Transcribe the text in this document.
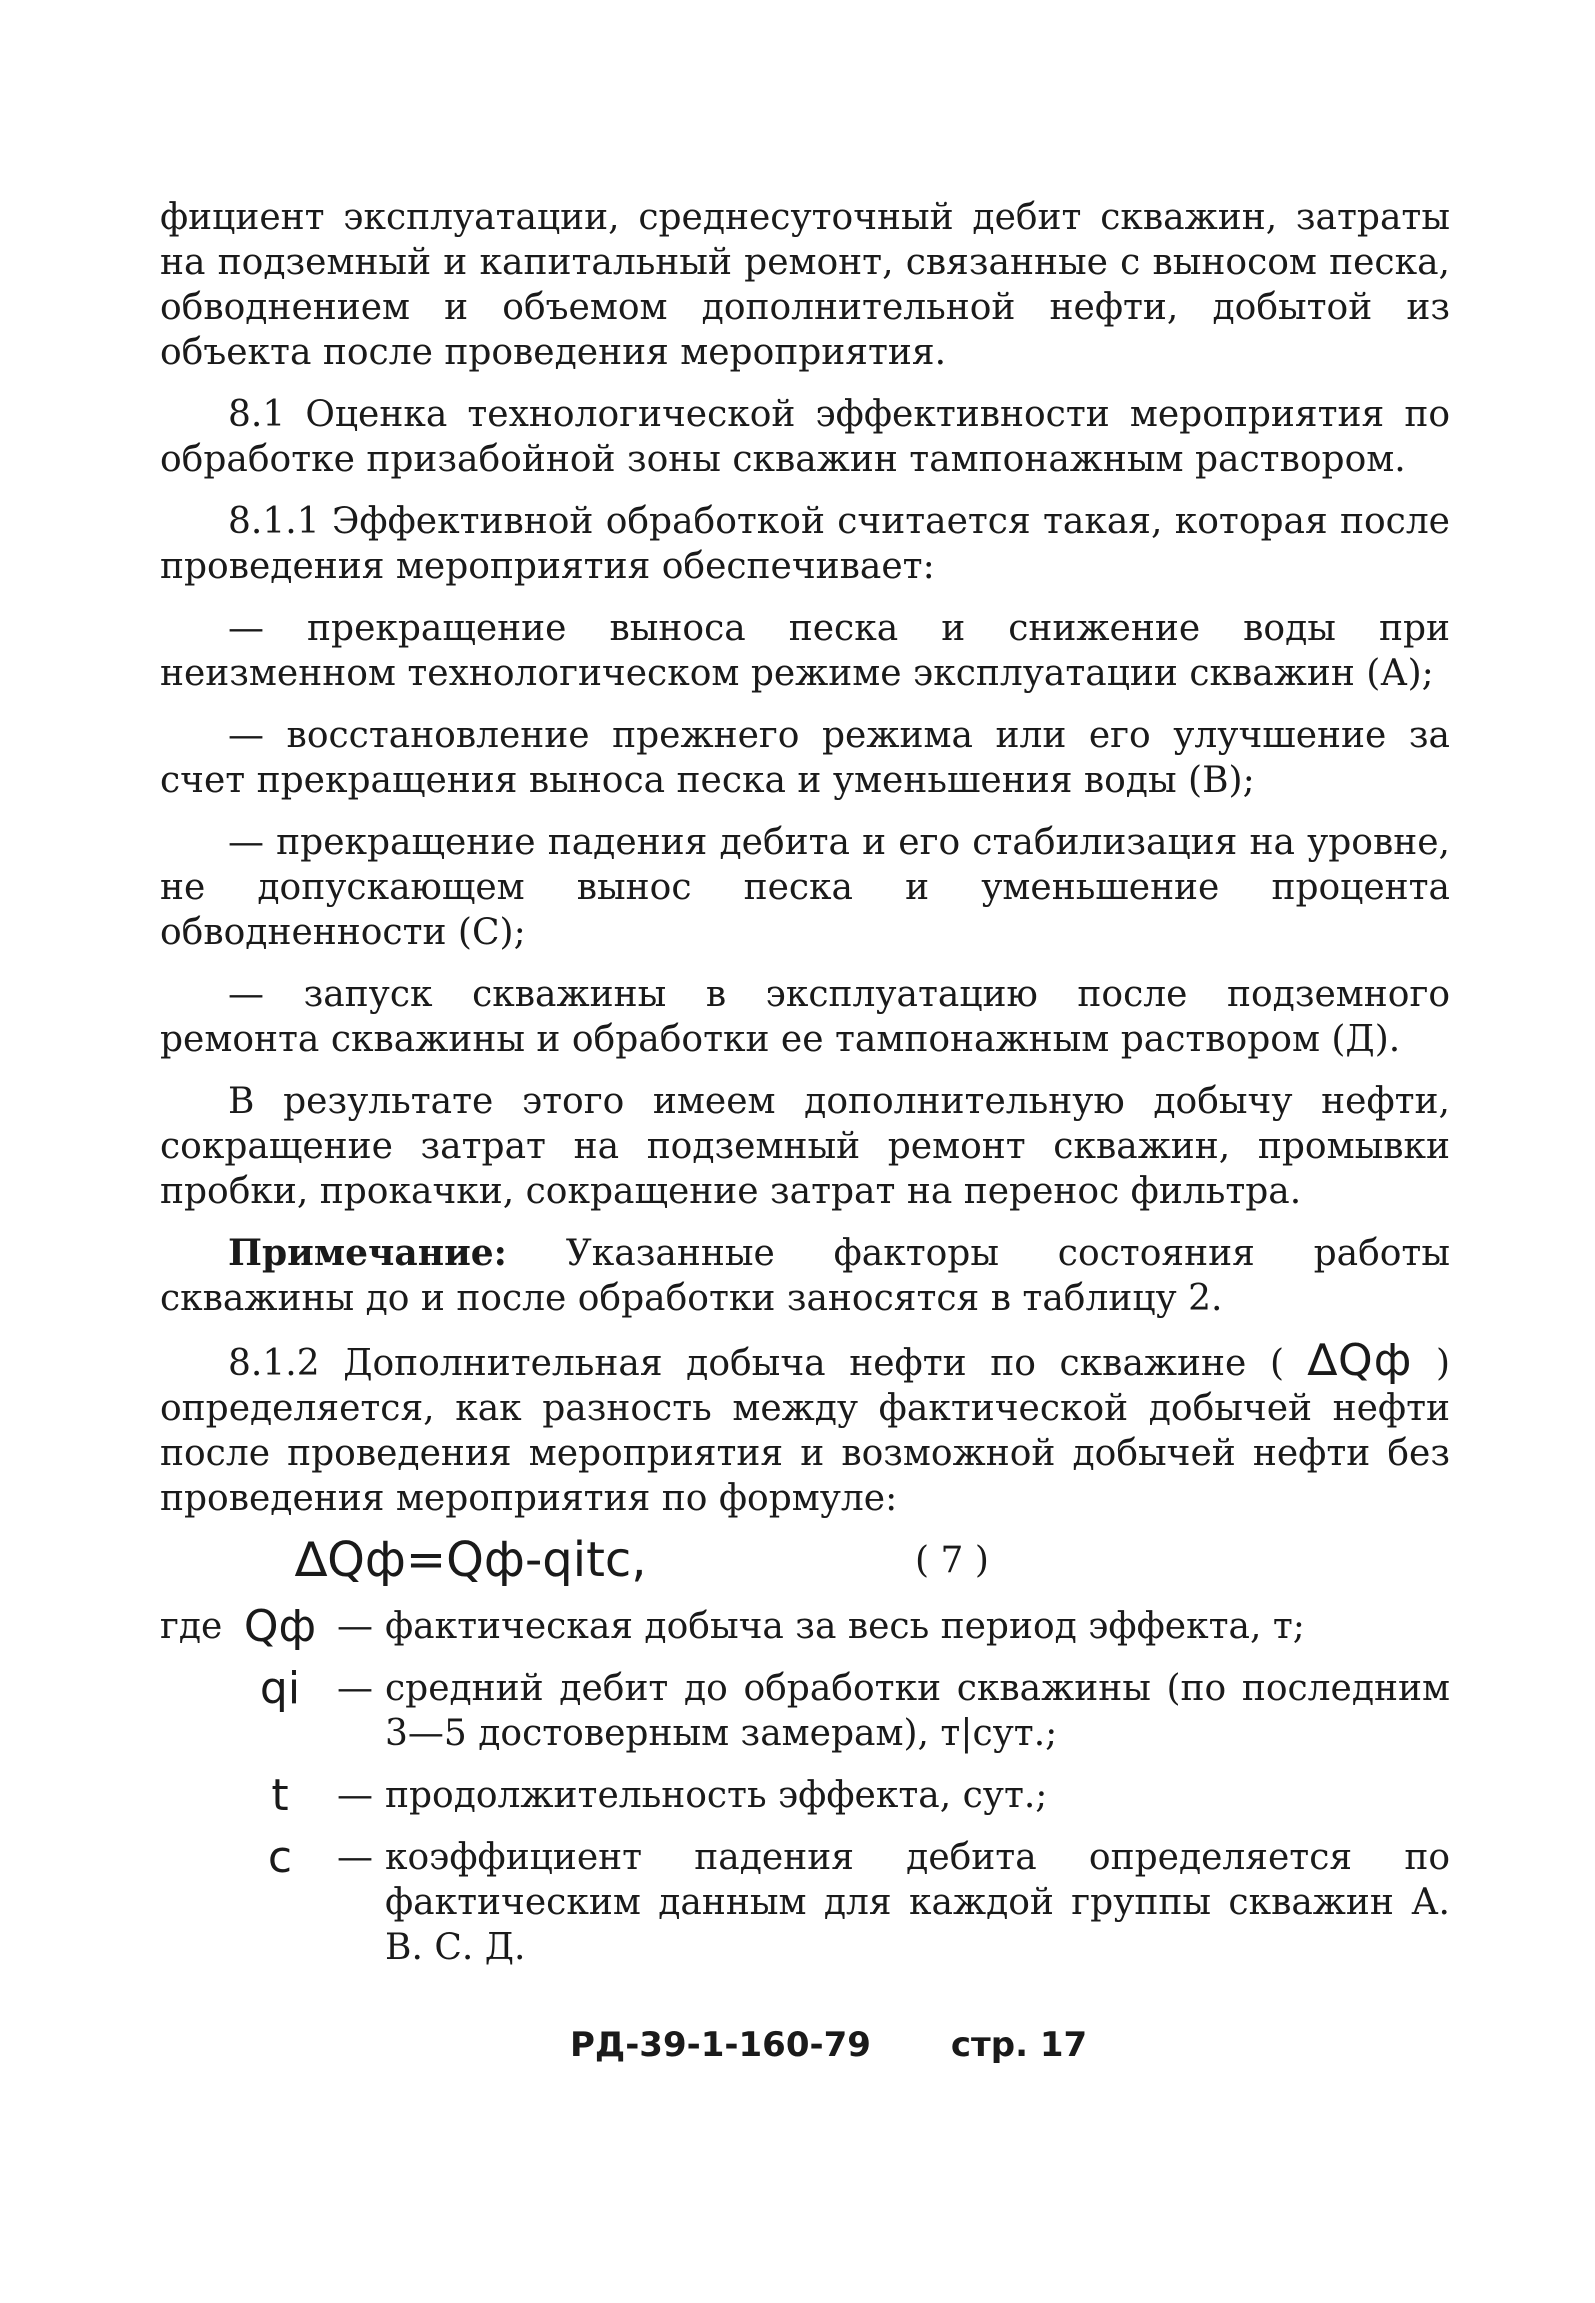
фициент эксплуатации, среднесуточный дебит скважин, затраты на подземный и капитальный ремонт, связанные с выносом песка, обводнением и объемом дополнительной нефти, добытой из объекта после проведения мероприятия.

8.1 Оценка технологической эффективности мероприятия по обработке призабойной зоны скважин тампонажным раствором.

8.1.1 Эффективной обработкой считается такая, которая после проведения мероприятия обеспечивает:

— прекращение выноса песка и снижение воды при неизменном технологическом режиме эксплуатации скважин (А);

— восстановление прежнего режима или его улучшение за счет прекращения выноса песка и уменьшения воды (В);

— прекращение падения дебита и его стабилизация на уровне, не допускающем вынос песка и уменьшение процента обводненности (С);

— запуск скважины в эксплуатацию после подземного ремонта скважины и обработки ее тампонажным раствором (Д).

В результате этого имеем дополнительную добычу нефти, сокращение затрат на подземный ремонт скважин, промывки пробки, прокачки, сокращение затрат на перенос фильтра.

Примечание: Указанные факторы состояния работы скважины до и после обработки заносятся в таблицу 2.

8.1.2 Дополнительная добыча нефти по скважине ( ∆Qф ) определяется, как разность между фактической добычей нефти после проведения мероприятия и возможной добычей нефти без проведения мероприятия по формуле:

∆Qф=Qф-qitc,	( 7 )
где Qф — фактическая добыча за весь период эффекта, т;
qi	— средний дебит до обработки скважины (по последним 3—5 достоверным замерам), т|сут.;
t	— продолжительность эффекта, сут.;
c	— коэффициент падения дебита определяется по фактическим данным для каждой группы скважин А. В. С. Д.
РД-39-1-160-79 стр. 17
